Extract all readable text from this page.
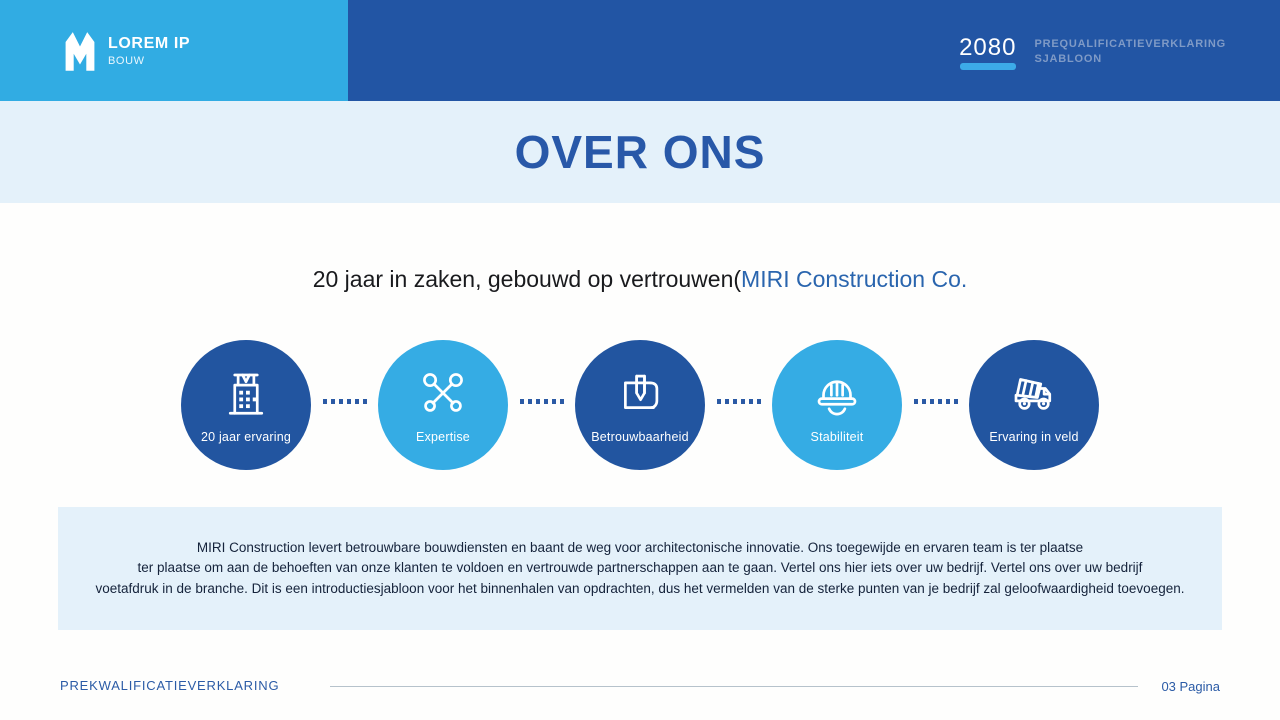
LOREM IP
BOUW	2080 PREQUALIFICATIEVERKLARING
SJABLOON
OVER ONS
20 jaar in zaken, gebouwd op vertrouwen(MIRI Construction Co.
20 jaar ervaring	Expertise	Betrouwbaarheid	Stabiliteit	Ervaring in veld
MIRI Construction levert betrouwbare bouwdiensten en baant de weg voor architectonische innovatie. Ons toegewijde en ervaren team is ter plaatse
ter plaatse om aan de behoeften van onze klanten te voldoen en vertrouwde partnerschappen aan te gaan. Vertel ons hier iets over uw bedrijf. Vertel ons over uw bedrijf
voetafdruk in de branche. Dit is een introductiesjabloon voor het binnenhalen van opdrachten, dus het vermelden van de sterke punten van je bedrijf zal geloofwaardigheid toevoegen.
PREKWALIFICATIEVERKLARING	03 Pagina
